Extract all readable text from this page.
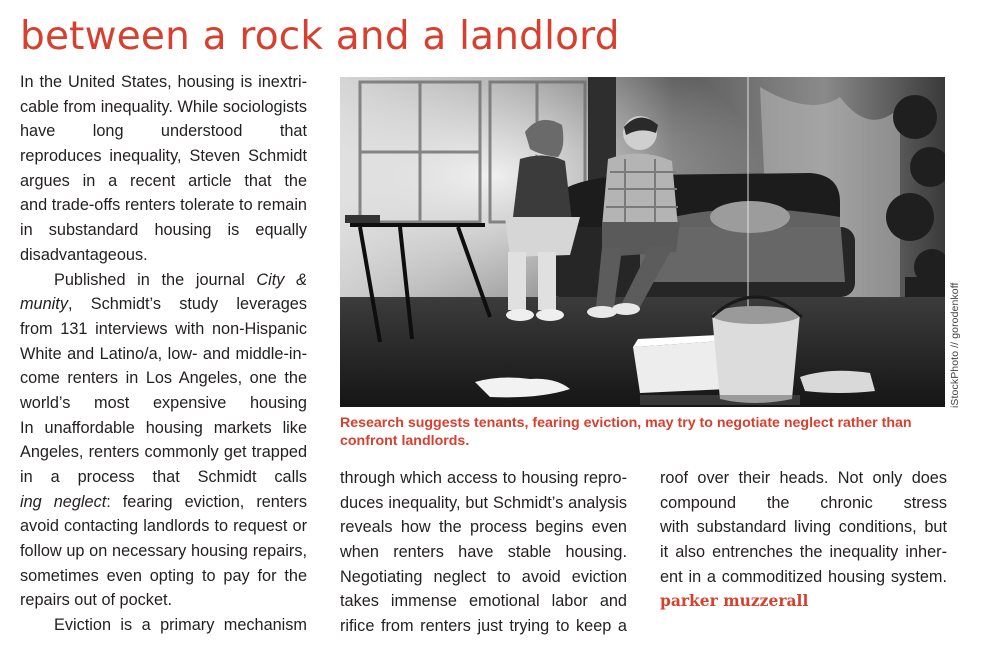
between a rock and a landlord
In the United States, housing is inextri-
cable from inequality. While sociologists
have long understood that
reproduces inequality, Steven Schmidt
argues in a recent article that the
and trade-offs renters tolerate to remain
in substandard housing is equally
disadvantageous.
Published in the journal City &
munity, Schmidt’s study leverages
from 131 interviews with non-Hispanic
White and Latino/a, low- and middle-in-
come renters in Los Angeles, one the
world’s most expensive housing
In unaffordable housing markets like
Angeles, renters commonly get trapped
in a process that Schmidt calls
ing neglect: fearing eviction, renters
avoid contacting landlords to request or
follow up on necessary housing repairs,
sometimes even opting to pay for the
repairs out of pocket.
Eviction is a primary mechanism
iStockPhoto // gorodenkoff
Research suggests tenants, fearing eviction, may try to negotiate neglect rather than
confront landlords.
through which access to housing repro-
duces inequality, but Schmidt’s analysis
reveals how the process begins even
when renters have stable housing.
Negotiating neglect to avoid eviction
takes immense emotional labor and
rifice from renters just trying to keep a
roof over their heads. Not only does
compound the chronic stress
with substandard living conditions, but
it also entrenches the inequality inher-
ent in a commoditized housing system.
parker muzzerall
